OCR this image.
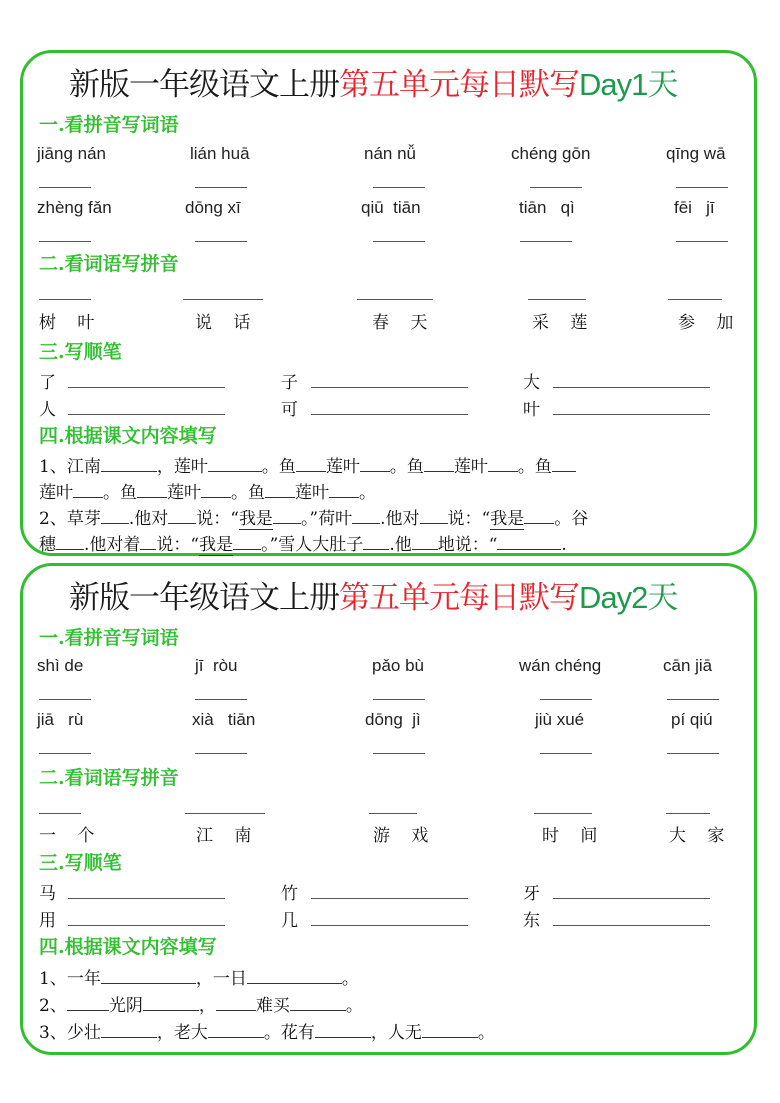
新版一年级语文上册第五单元每日默写Day1天
一.看拼音写词语
jiāng nán	lián huā	nán nǚ	chéng gōn	qīng wā
zhèng fǎn	dōng xī	qiū  tiān	tiān   qì	fēi   jī
二.看词语写拼音
树 叶	说 话	春 天	采 莲	参 加
三.写顺笔
了	子	大
人	可	叶
四.根据课文内容填写
1、江南	，莲叶	。鱼 莲叶 。鱼 莲叶 。鱼
莲叶 。鱼 莲叶 。鱼 莲叶 。
2、草芽 .他对 说：“我是 。”荷叶 .他对 说：“我是 。谷
穗 .他对着 说：“我是 。”雪人大肚子 .他 地说：“	.
新版一年级语文上册第五单元每日默写Day2天
一.看拼音写词语
shì de	jī  ròu	pǎo bù	wán chéng	cān jiā
jiā   rù	xià   tiān	dōng  jì	jiù xué	pí qiú
二.看词语写拼音
一 个	江 南	游 戏	时 间	大 家
三.写顺笔
马	竹	牙
用	几	东
四.根据课文内容填写
1、一年	，一日	。
2、 光阴	， 难买	。
3、少壮	，老大	。花有	，人无	。
